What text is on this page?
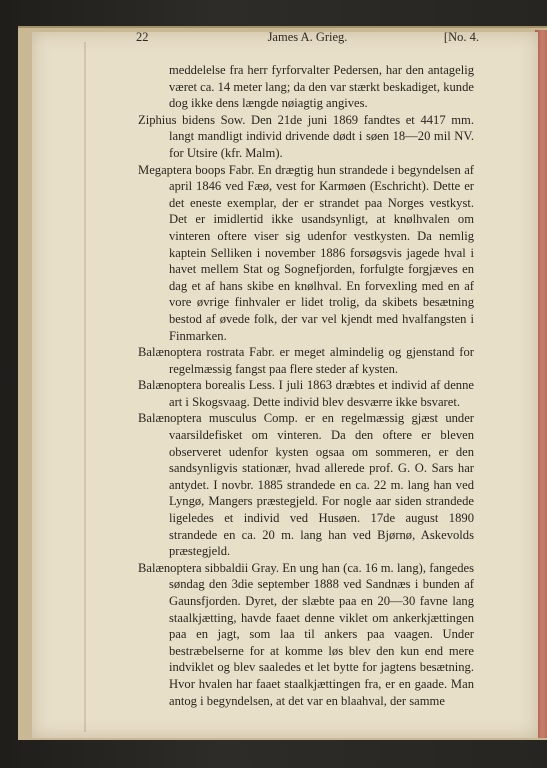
22	James A. Grieg.	[No. 4.

meddelelse fra herr fyrforvalter Pedersen, har den antagelig været ca. 14 meter lang; da den var stærkt beskadiget, kunde dog ikke dens længde nøiagtig angives.

Ziphius bidens Sow. Den 21de juni 1869 fandtes et 4417 mm. langt mandligt individ drivende dødt i søen 18—20 mil NV. for Utsire (kfr. Malm).

Megaptera boops Fabr. En drægtig hun strandede i begyndelsen af april 1846 ved Fæø, vest for Karmøen (Eschricht). Dette er det eneste exemplar, der er strandet paa Norges vestkyst. Det er imidlertid ikke usandsynligt, at knølhvalen om vinteren oftere viser sig udenfor vestkysten. Da nemlig kaptein Selliken i november 1886 forsøgsvis jagede hval i havet mellem Stat og Sognefjorden, forfulgte forgjæves en dag et af hans skibe en knølhval. En forvexling med en af vore øvrige finhvaler er lidet trolig, da skibets besætning bestod af øvede folk, der var vel kjendt med hvalfangsten i Finmarken.

Balænoptera rostrata Fabr. er meget almindelig og gjenstand for regelmæssig fangst paa flere steder af kysten.

Balænoptera borealis Less. I juli 1863 dræbtes et individ af denne art i Skogsvaag. Dette individ blev desværre ikke bsvaret.

Balænoptera musculus Comp. er en regelmæssig gjæst under vaarsildefisket om vinteren. Da den oftere er bleven observeret udenfor kysten ogsaa om sommeren, er den sandsynligvis stationær, hvad allerede prof. G. O. Sars har antydet. I novbr. 1885 strandede en ca. 22 m. lang han ved Lyngø, Mangers præstegjeld. For nogle aar siden strandede ligeledes et individ ved Husøen. 17de august 1890 strandede en ca. 20 m. lang han ved Bjørnø, Askevolds præstegjeld.

Balænoptera sibbaldii Gray. En ung han (ca. 16 m. lang), fangedes søndag den 3die september 1888 ved Sandnæs i bunden af Gaunsfjorden. Dyret, der slæbte paa en 20—30 favne lang staalkjætting, havde faaet denne viklet om ankerkjættingen paa en jagt, som laa til ankers paa vaagen. Under bestræbelserne for at komme løs blev den kun end mere indviklet og blev saaledes et let bytte for jagtens besætning. Hvor hvalen har faaet staalkjættingen fra, er en gaade. Man antog i begyndelsen, at det var en blaahval, der samme
